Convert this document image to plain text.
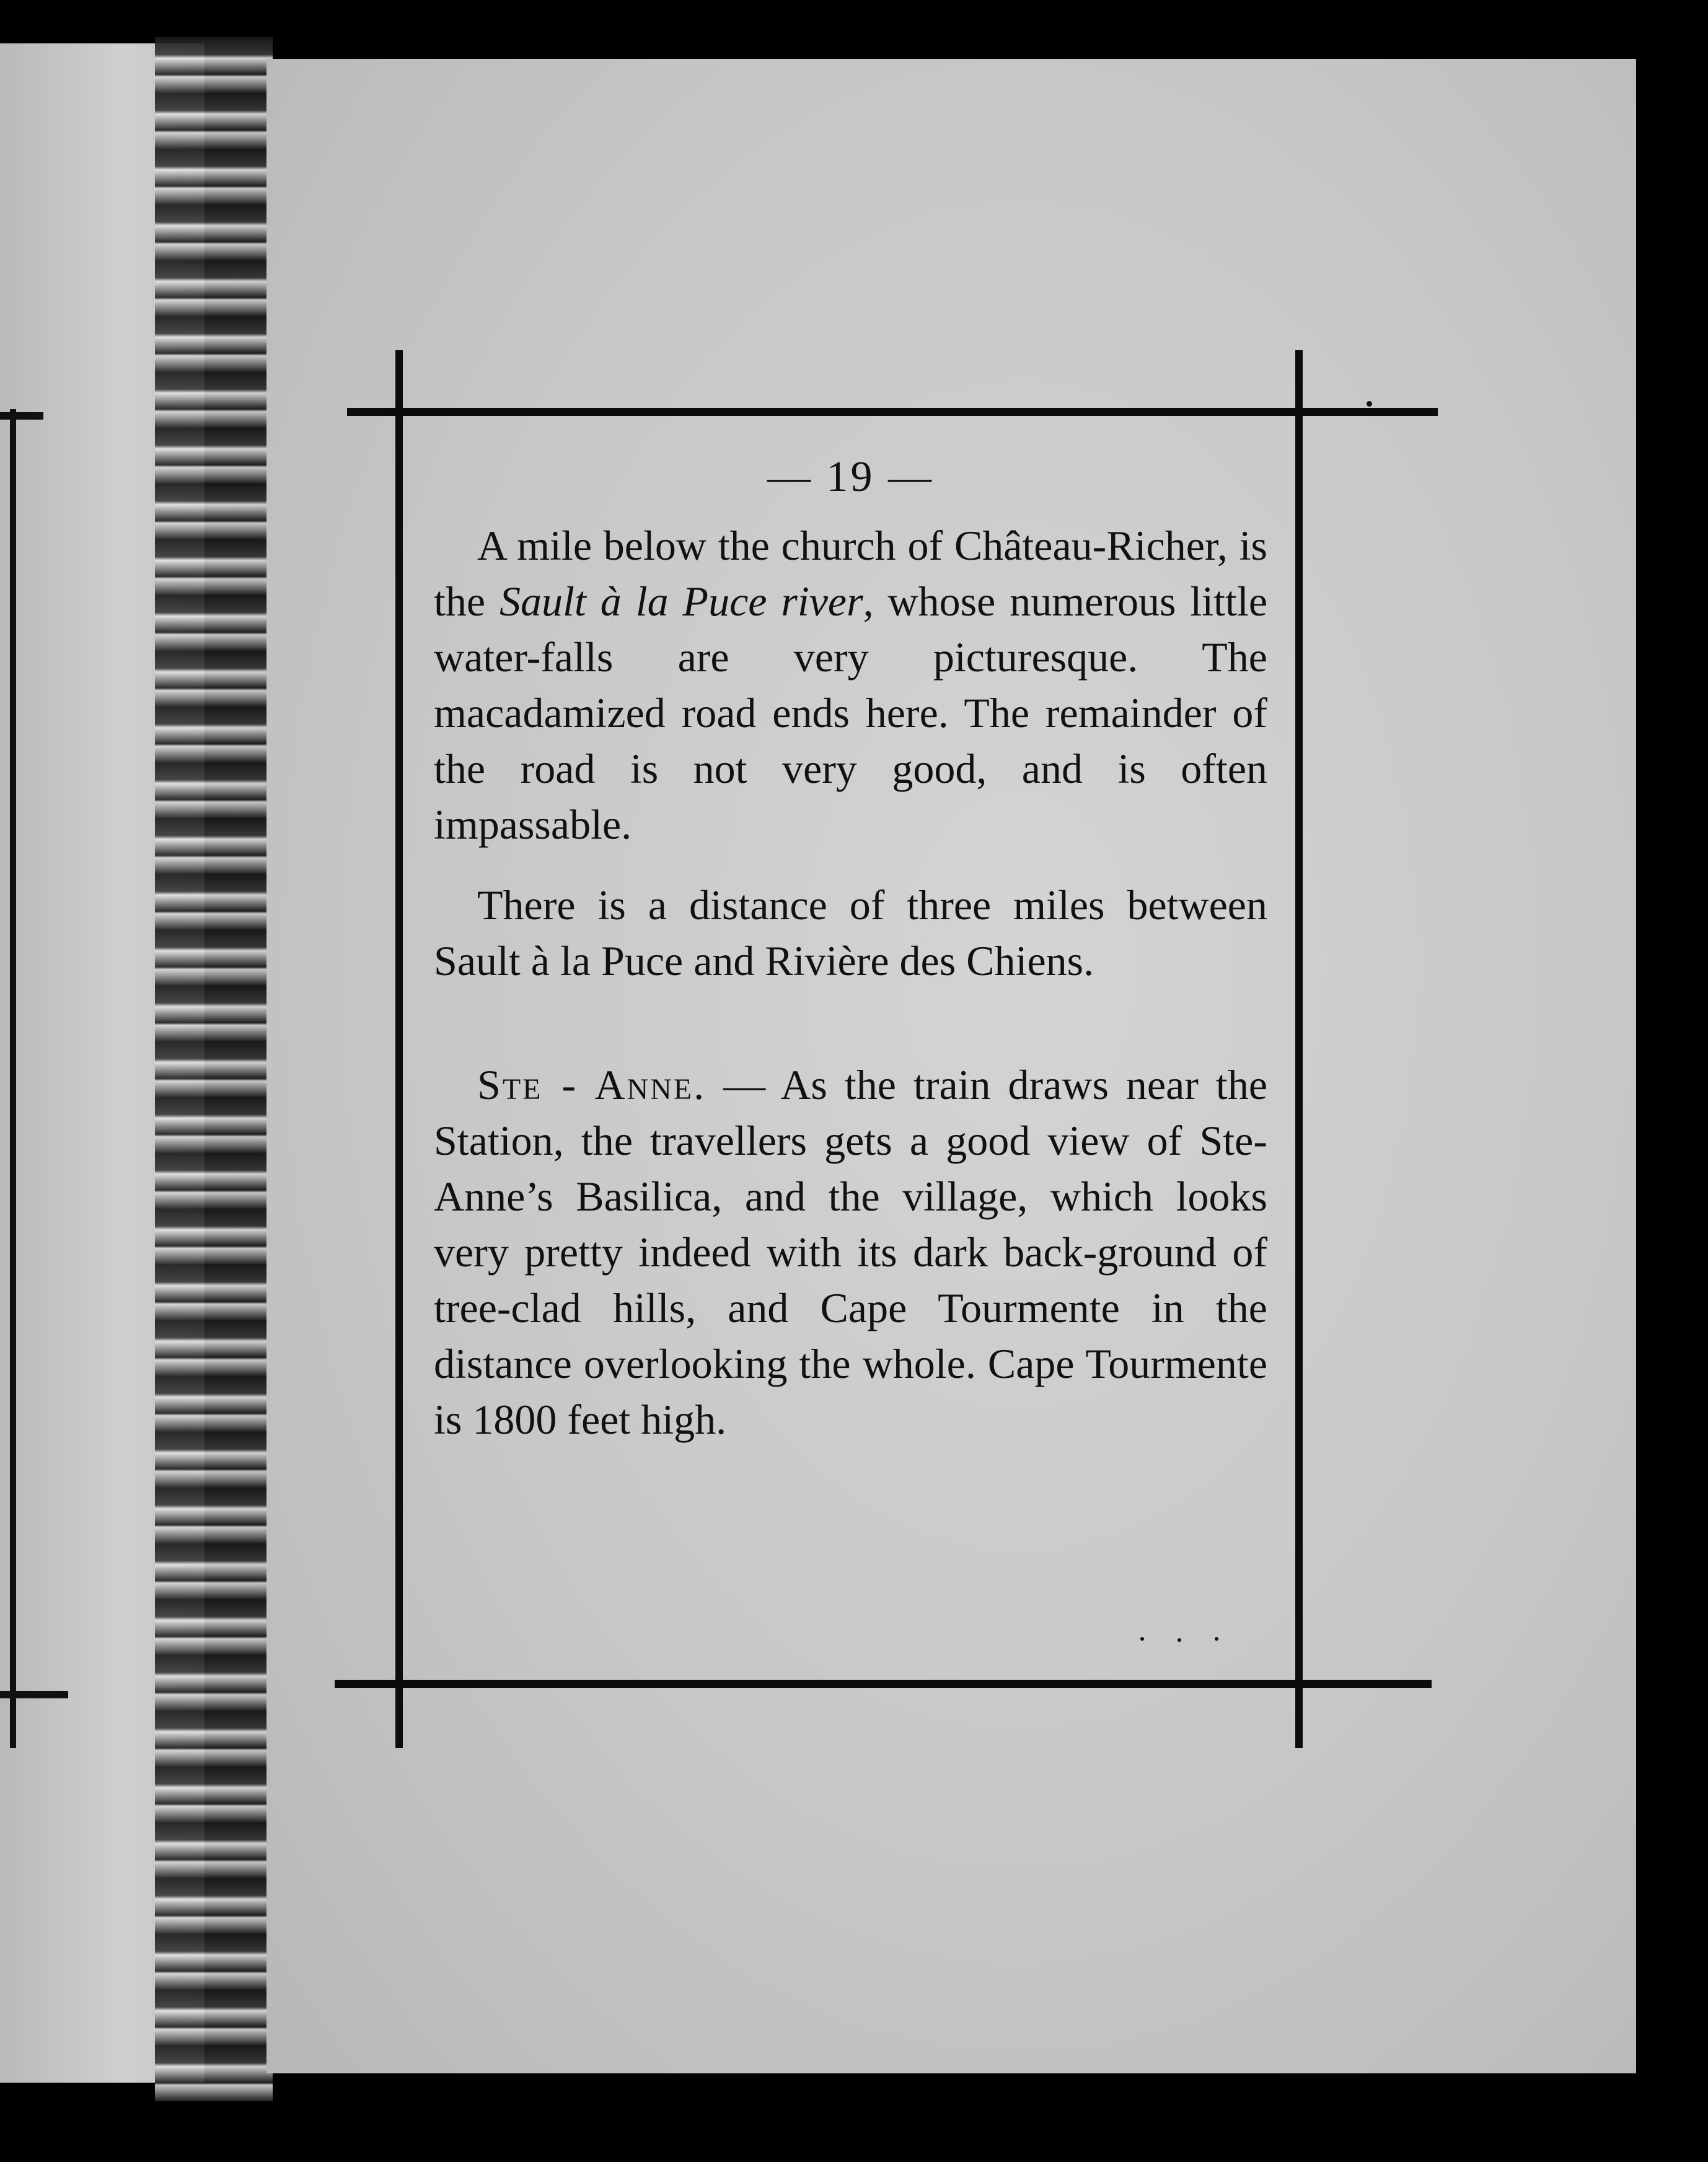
— 19 —

A mile below the church of Château-Richer, is the Sault à la Puce river, whose numerous little water-falls are very picturesque. The macadamized road ends here. The remainder of the road is not very good, and is often impassable.

There is a distance of three miles between Sault à la Puce and Rivière des Chiens.

Ste - Anne. — As the train draws near the Station, the travellers gets a good view of Ste-Anne’s Basilica, and the village, which looks very pretty indeed with its dark back-ground of tree-clad hills, and Cape Tourmente in the distance overlooking the whole. Cape Tourmente is 1800 feet high.
